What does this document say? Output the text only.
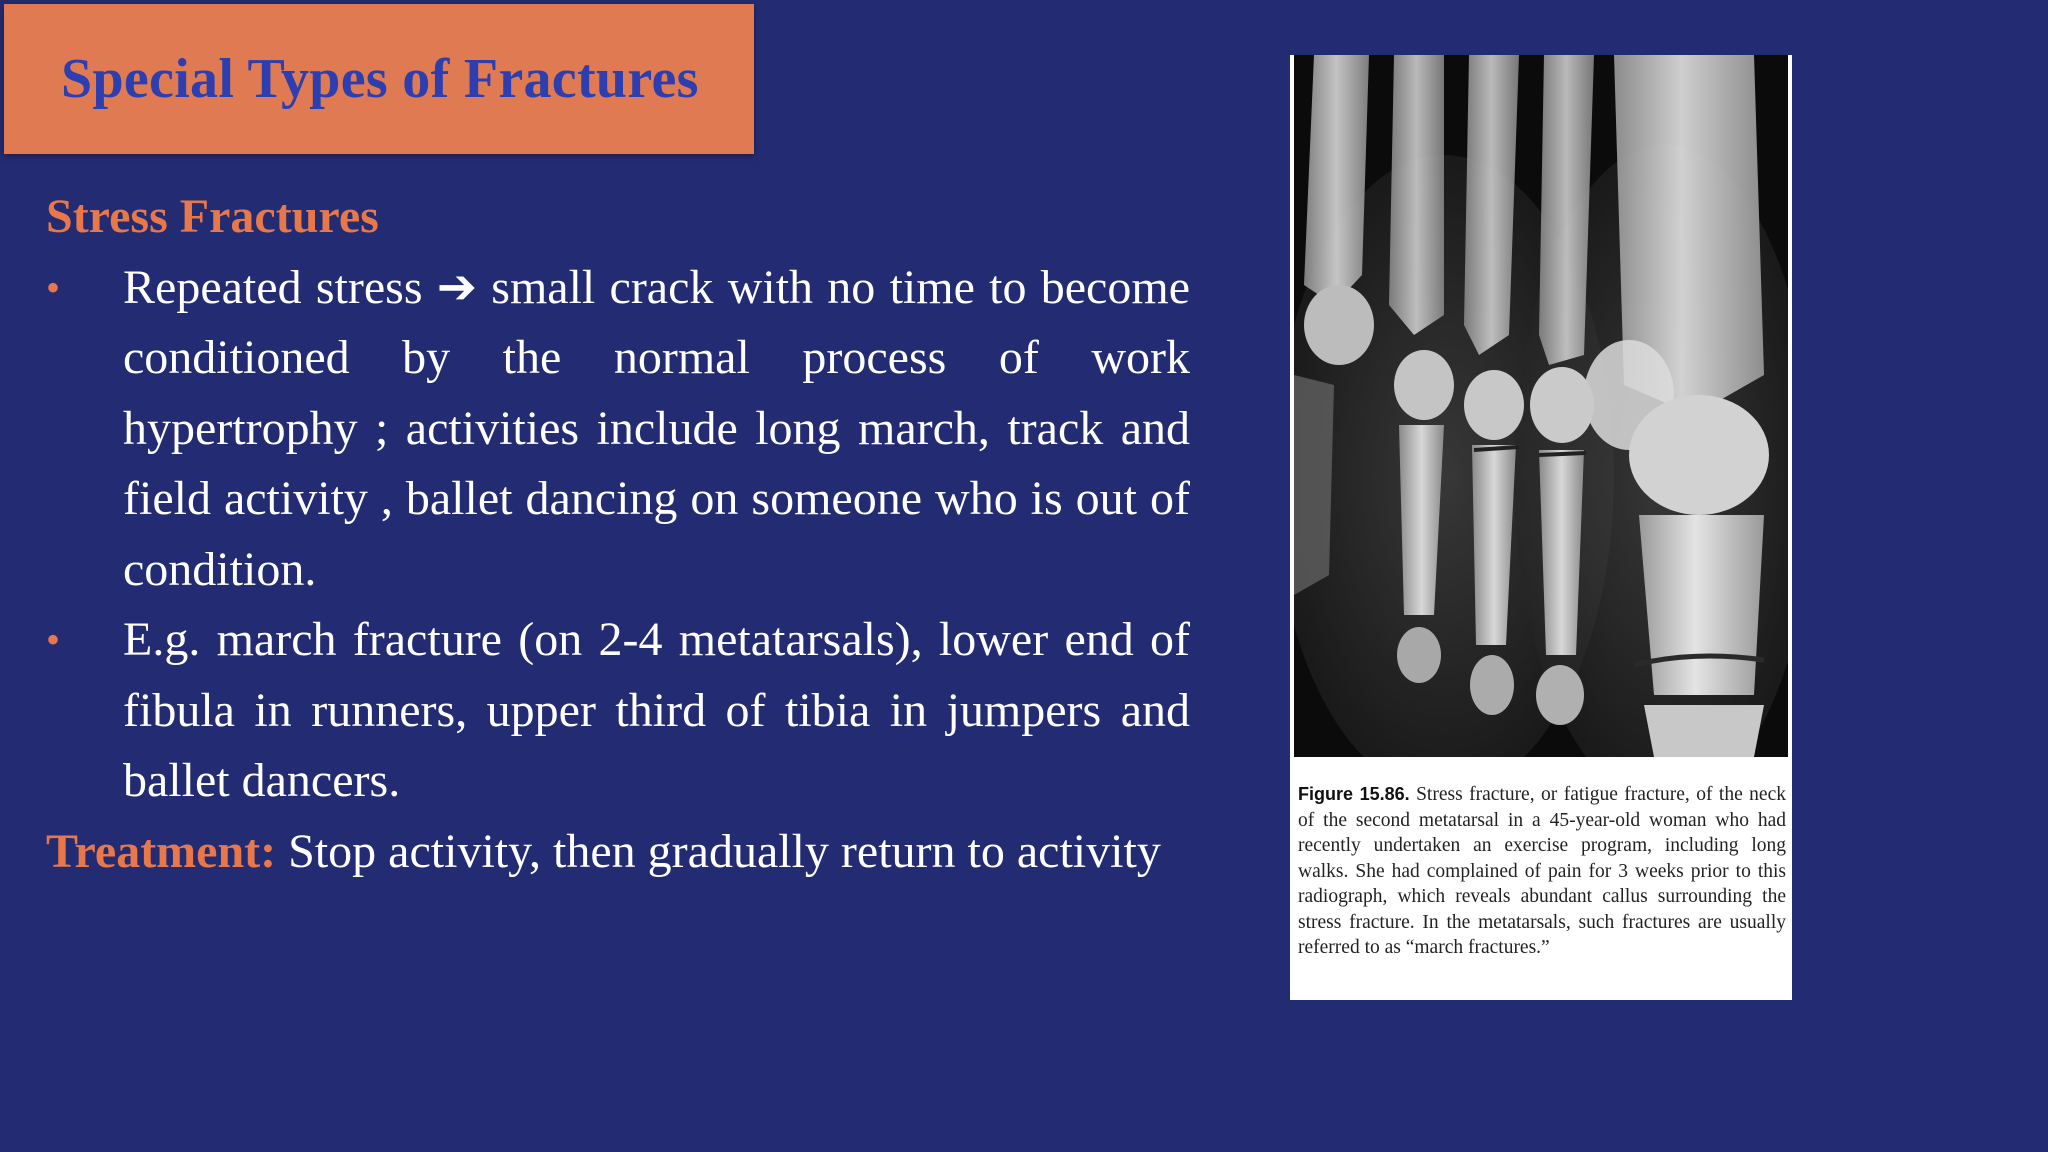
Special Types of Fractures

Stress Fractures

• Repeated stress ➔ small crack with no time to become conditioned by the normal process of work hypertrophy ; activities include long march, track and field activity , ballet dancing on someone who is out of condition.
• E.g. march fracture (on 2-4 metatarsals), lower end of fibula in runners, upper third of tibia in jumpers and ballet dancers.

Treatment: Stop activity, then gradually return to activity

Figure 15.86. Stress fracture, or fatigue fracture, of the neck of the second metatarsal in a 45-year-old woman who had recently undertaken an exercise program, including long walks. She had complained of pain for 3 weeks prior to this radiograph, which reveals abundant callus surrounding the stress fracture. In the metatarsals, such fractures are usually referred to as “march fractures.”
